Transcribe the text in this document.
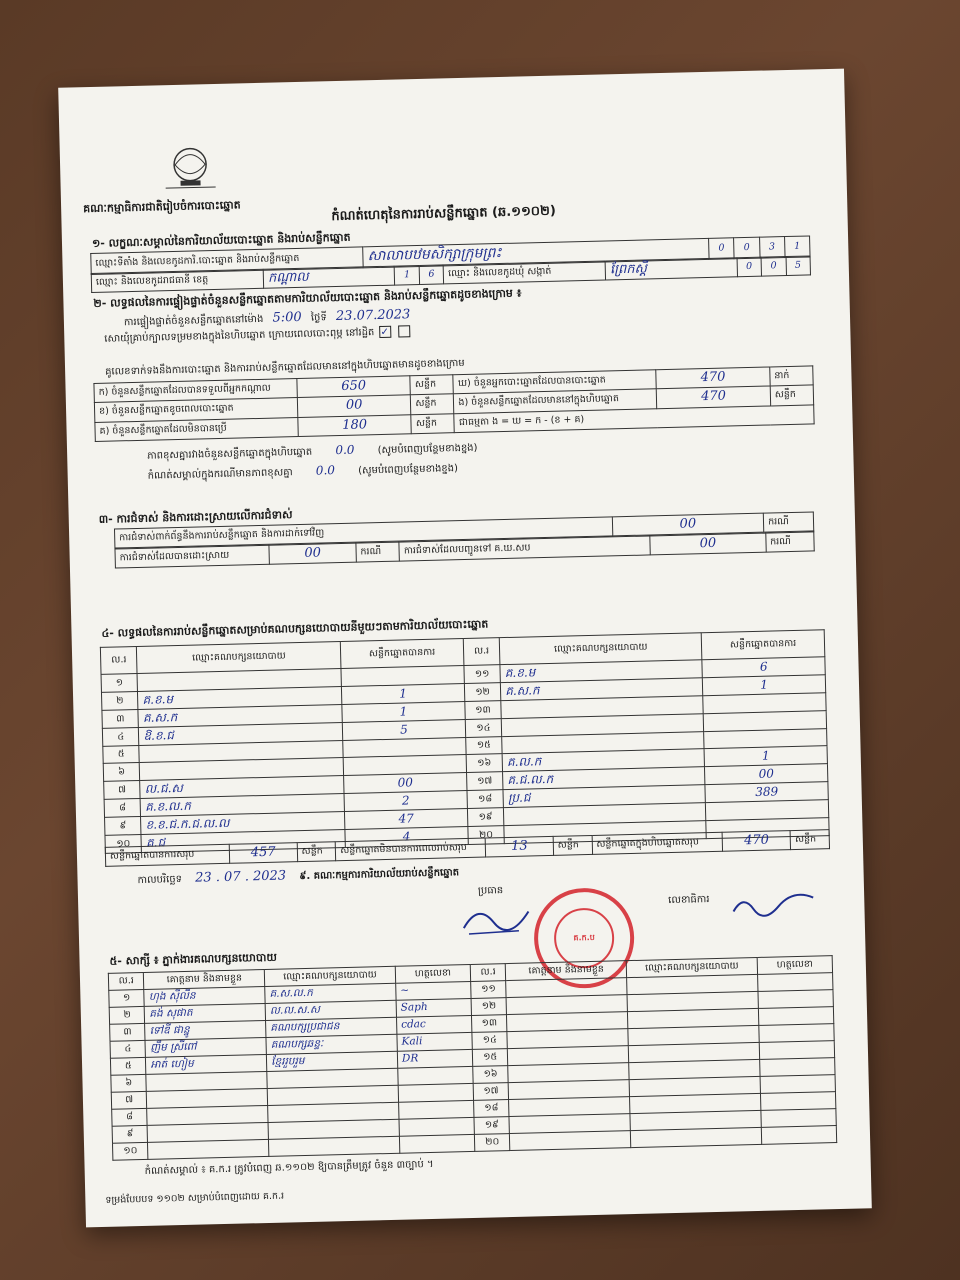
គណៈកម្មាធិការជាតិរៀបចំការបោះឆ្នោត	កំណត់ហេតុនៃការរាប់សន្លឹកឆ្នោត (ឆ.១១០២)
១- លក្ខណៈសម្គាល់នៃការិយាល័យបោះឆ្នោត និងរាប់សន្លឹកឆ្នោត
ឈ្មោះទីតាំង និងលេខកូដការិ.បោះឆ្នោត និងរាប់សន្លឹកឆ្នោត	សាលាបឋមសិក្សាក្រុមព្រះ	0	0	3	1
ឈ្មោះ និងលេខកូដរាជធានី ខេត្ត	កណ្ដាល	1	6	ឈ្មោះ និងលេខកូដឃុំ សង្កាត់	ព្រែកស្ដី	0	0	5
២- លទ្ធផលនៃការផ្ទៀងផ្ទាត់ចំនួនសន្លឹកឆ្នោតតាមការិយាល័យបោះឆ្នោត និងរាប់សន្លឹកឆ្នោតដូចខាងក្រោម ៖
ការផ្ទៀងផ្ទាត់ចំនួនសន្លឹកឆ្នោតនៅម៉ោង 5:00 ថ្ងៃទី 23.07.2023
សោយុំគ្រាប់ក្បាលទម្រមខាងក្នុងនៃហិបឆ្នោត ក្រោយពេលបោះពុម្ភ នៅរដ្ឋិត ✓
គូលេខទាក់ទងនឹងការបោះឆ្នោត និងការរាប់សន្លឹកឆ្នោតដែលមាននៅក្នុងហិបឆ្នោតមានដូចខាងក្រោម
ក) ចំនួនសន្លឹកឆ្នោតដែលបានទទួលពីអ្នកកណ្ដាល	650	សន្លឹក	ឃ) ចំនួនអ្នកបោះឆ្នោតដែលបានបោះឆ្នោត	470	នាក់
ខ) ចំនួនសន្លឹកឆ្នោតខូចពេលបោះឆ្នោត	00	សន្លឹក	ង) ចំនួនសន្លឹកឆ្នោតដែលមាននៅក្នុងហិបឆ្នោត	470	សន្លឹក
គ) ចំនួនសន្លឹកឆ្នោតដែលមិនបានប្រើ	180	សន្លឹក	ជាធម្មតា ង = ឃ = ក - (ខ + គ)		
ភាពខុសគ្នារវាងចំនួនសន្លឹកឆ្នោតក្នុងហិបឆ្នោត 0.0 (សូមបំពេញបន្ថែមខាងខ្នង)
កំណត់សម្គាល់ក្នុងករណីមានភាពខុសគ្នា 0.0 (សូមបំពេញបន្ថែមខាងខ្នង)
៣- ការជំទាស់ និងការដោះស្រាយលើការជំទាស់
ការជំទាស់ពាក់ព័ន្ធនឹងការរាប់សន្លឹកឆ្នោត និងការដាក់ទៅវិញ	00	ករណី
ការជំទាស់ដែលបានដោះស្រាយ	00	ករណី	ការជំទាស់ដែលបញ្ជូនទៅ គ.ឃ.សប	00	ករណី
៤- លទ្ធផលនៃការរាប់សន្លឹកឆ្នោតសម្រាប់គណបក្សនយោបាយនីមួយៗតាមការិយាល័យបោះឆ្នោត
ល.រ	ឈ្មោះគណបក្សនយោបាយ	សន្លឹកឆ្នោតបានការ	ល.រ	ឈ្មោះគណបក្សនយោបាយ	សន្លឹកឆ្នោតបានការ
១			១១	គ.ខ.ម	6
២	គ.ខ.ម	1	១២	គ.ស.ក	1
៣	គ.ស.ក	1	១៣		
៤	ឱ.ខ.ជ	5	១៤		
៥			១៥		
៦			១៦	គ.ល.ក	1
៧	ល.ជ.ស	00	១៧	គ.ជ.ល.ក	00
៨	គ.ខ.ល.ក	2	១៨	ប្រ.ជ	389
៩	ខ.ខ.ជ.ក.ជ.ល.ល	47	១៩		
១០	គ.ជ	4	២០		
សន្លឹកឆ្នោតបានការសរុប	457	សន្លឹក	សន្លឹកឆ្នោតមិនបានការពេលរាប់សរុប	13	សន្លឹក	សន្លឹកឆ្នោតក្នុងហិបឆ្នោតសរុប	470	សន្លឹក
កាលបរិច្ឆេទ 23 . 07 . 2023 ៩. គណៈកម្មការការិយាល័យរាប់សន្លឹកឆ្នោត
ប្រធាន
លេខាធិការ
គ.ក.ប
៥- សាក្សី ៖ ភ្នាក់ងារគណបក្សនយោបាយ
ល.រ	គោត្តនាម និងនាមខ្លួន	ឈ្មោះគណបក្សនយោបាយ	ហត្ថលេខា	ល.រ	គោត្តនាម និងនាមខ្លួន	ឈ្មោះគណបក្សនយោបាយ	ហត្ថលេខា
១	ហុង ស៊ីលីន	គ.ស.ល.ក	~	១១			
២	គង់ សុផាត	ល.ល.ស.ស	Saph	១២			
៣	ទៅឌី ផាន្នូ	គណបក្សប្រជាជន	cdac	១៣			
៤	ញឹម ស្រីពៅ	គណបក្សឆន្ទៈ	Kali	១៤			
៥	អាត់ ហៀម	ខ្មែររួបរួម	DR	១៥			
៦				១៦			
៧				១៧			
៨				១៨			
៩				១៩			
១០				២០			
កំណត់សម្គាល់ ៖ គ.ក.រ ត្រូវបំពេញ ឆ.១១០២ ឱ្យបានត្រឹមត្រូវ ចំនួន ៣ច្បាប់ ។
ទម្រង់បែបបទ ១១០២ សម្រាប់បំពេញដោយ គ.ក.រ
